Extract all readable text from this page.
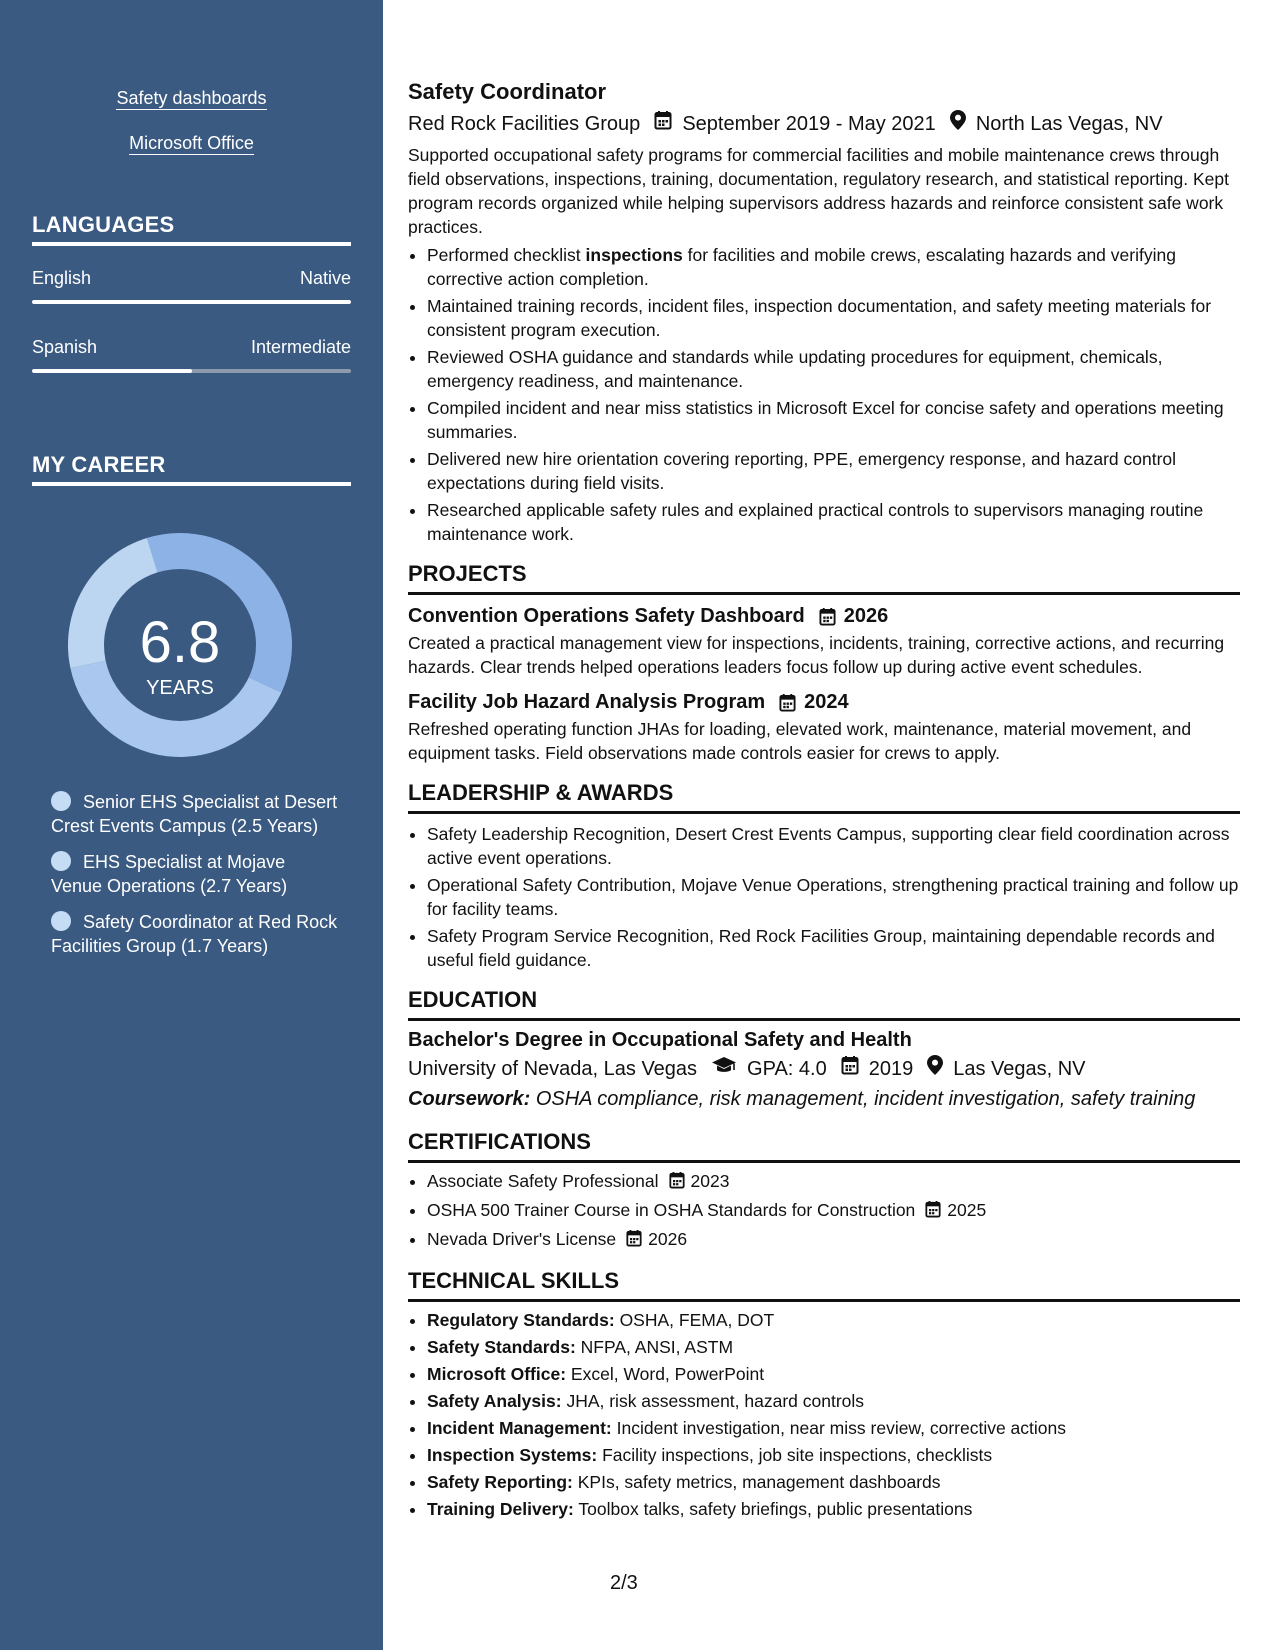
Safety dashboards
Microsoft Office
LANGUAGES
English	Native
Spanish	Intermediate
MY CAREER
6.8
YEARS
Senior EHS Specialist at Desert Crest Events Campus (2.5 Years)
EHS Specialist at Mojave Venue Operations (2.7 Years)
Safety Coordinator at Red Rock Facilities Group (1.7 Years)
Safety Coordinator
Red Rock Facilities Group September 2019 - May 2021 North Las Vegas, NV

Supported occupational safety programs for commercial facilities and mobile maintenance crews through field observations, inspections, training, documentation, regulatory research, and statistical reporting. Kept program records organized while helping supervisors address hazards and reinforce consistent safe work practices.

• Performed checklist inspections for facilities and mobile crews, escalating hazards and verifying corrective action completion.
• Maintained training records, incident files, inspection documentation, and safety meeting materials for consistent program execution.
• Reviewed OSHA guidance and standards while updating procedures for equipment, chemicals, emergency readiness, and maintenance.
• Compiled incident and near miss statistics in Microsoft Excel for concise safety and operations meeting summaries.
• Delivered new hire orientation covering reporting, PPE, emergency response, and hazard control expectations during field visits.
• Researched applicable safety rules and explained practical controls to supervisors managing routine maintenance work.
PROJECTS
Convention Operations Safety Dashboard 2026

Created a practical management view for inspections, incidents, training, corrective actions, and recurring hazards. Clear trends helped operations leaders focus follow up during active event schedules.

Facility Job Hazard Analysis Program 2024

Refreshed operating function JHAs for loading, elevated work, maintenance, material movement, and equipment tasks. Field observations made controls easier for crews to apply.

LEADERSHIP & AWARDS
• Safety Leadership Recognition, Desert Crest Events Campus, supporting clear field coordination across active event operations.
• Operational Safety Contribution, Mojave Venue Operations, strengthening practical training and follow up for facility teams.
• Safety Program Service Recognition, Red Rock Facilities Group, maintaining dependable records and useful field guidance.
EDUCATION
Bachelor's Degree in Occupational Safety and Health
University of Nevada, Las Vegas	GPA: 4.0 2019 Las Vegas, NV
Coursework: OSHA compliance, risk management, incident investigation, safety training
CERTIFICATIONS
• Associate Safety Professional 2023
• OSHA 500 Trainer Course in OSHA Standards for Construction 2025
• Nevada Driver's License 2026
TECHNICAL SKILLS
• Regulatory Standards: OSHA, FEMA, DOT
• Safety Standards: NFPA, ANSI, ASTM
• Microsoft Office: Excel, Word, PowerPoint
• Safety Analysis: JHA, risk assessment, hazard controls
• Incident Management: Incident investigation, near miss review, corrective actions
• Inspection Systems: Facility inspections, job site inspections, checklists
• Safety Reporting: KPIs, safety metrics, management dashboards
• Training Delivery: Toolbox talks, safety briefings, public presentations
2/3
